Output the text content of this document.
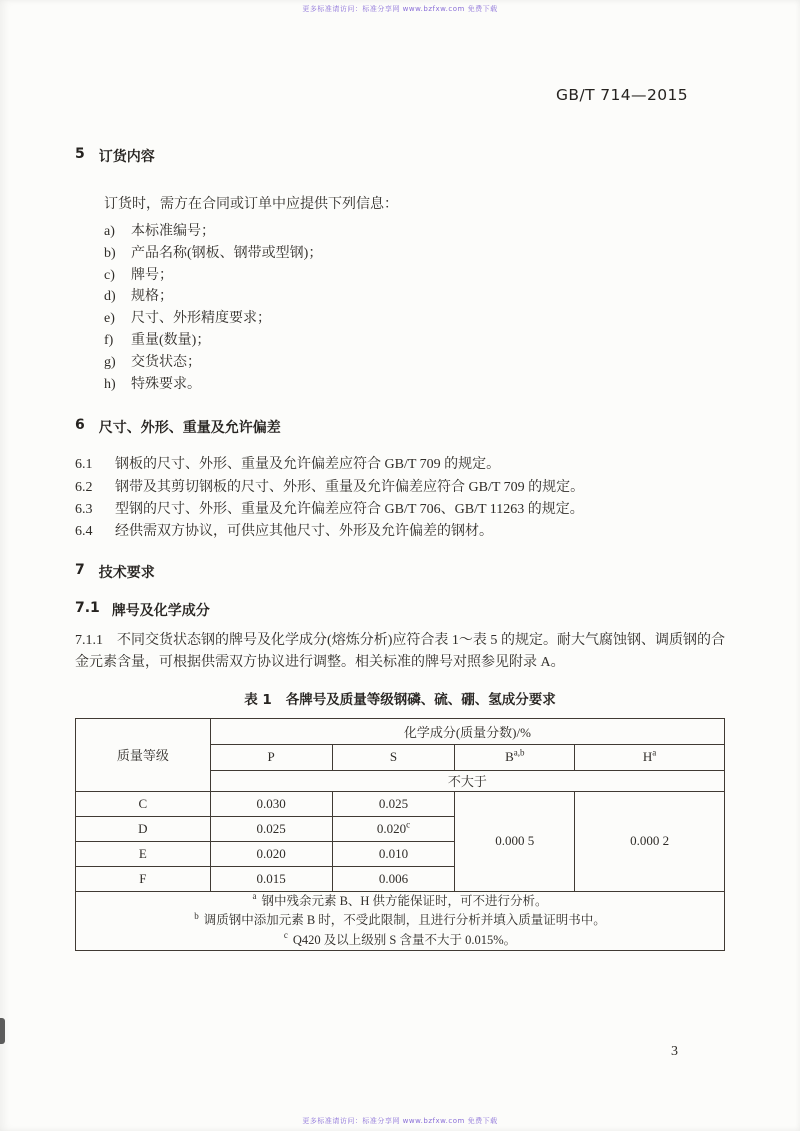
更多标准请访问：标准分享网 www.bzfxw.com 免费下载
GB/T 714—2015
5 订货内容

订货时，需方在合同或订单中应提供下列信息：

a) 本标准编号；
b) 产品名称(钢板、钢带或型钢)；
c) 牌号；
d) 规格；
e) 尺寸、外形精度要求；
f) 重量(数量)；
g) 交货状态；
h) 特殊要求。
6 尺寸、外形、重量及允许偏差
6.1	钢板的尺寸、外形、重量及允许偏差应符合 GB/T 709 的规定。
6.2	钢带及其剪切钢板的尺寸、外形、重量及允许偏差应符合 GB/T 709 的规定。
6.3	型钢的尺寸、外形、重量及允许偏差应符合 GB/T 706、GB/T 11263 的规定。
6.4	经供需双方协议，可供应其他尺寸、外形及允许偏差的钢材。
7 技术要求
7.1 牌号及化学成分

7.1.1 不同交货状态钢的牌号及化学成分(熔炼分析)应符合表 1～表 5 的规定。耐大气腐蚀钢、调质钢的合金元素含量，可根据供需双方协议进行调整。相关标准的牌号对照参见附录 A。

表 1 各牌号及质量等级钢磷、硫、硼、氢成分要求
质量等级	化学成分(质量分数)/%			
	P	S	B$^{a,b}$	$H^a$
	不大于			
C	0.030	0.025	0.000 5	0.000 2
D	0.025	0.020$^c$
E	0.020	0.010		
F	0.015	0.006		

$^a$ 钢中残余元素 B、H 供方能保证时，可不进行分析。
$^b$ 调质钢中添加元素 B 时，不受此限制，且进行分析并填入质量证明书中。
$^c$ Q420 及以上级别 S 含量不大于 0.015%。				
3
更多标准请访问：标准分享网 www.bzfxw.com 免费下载
